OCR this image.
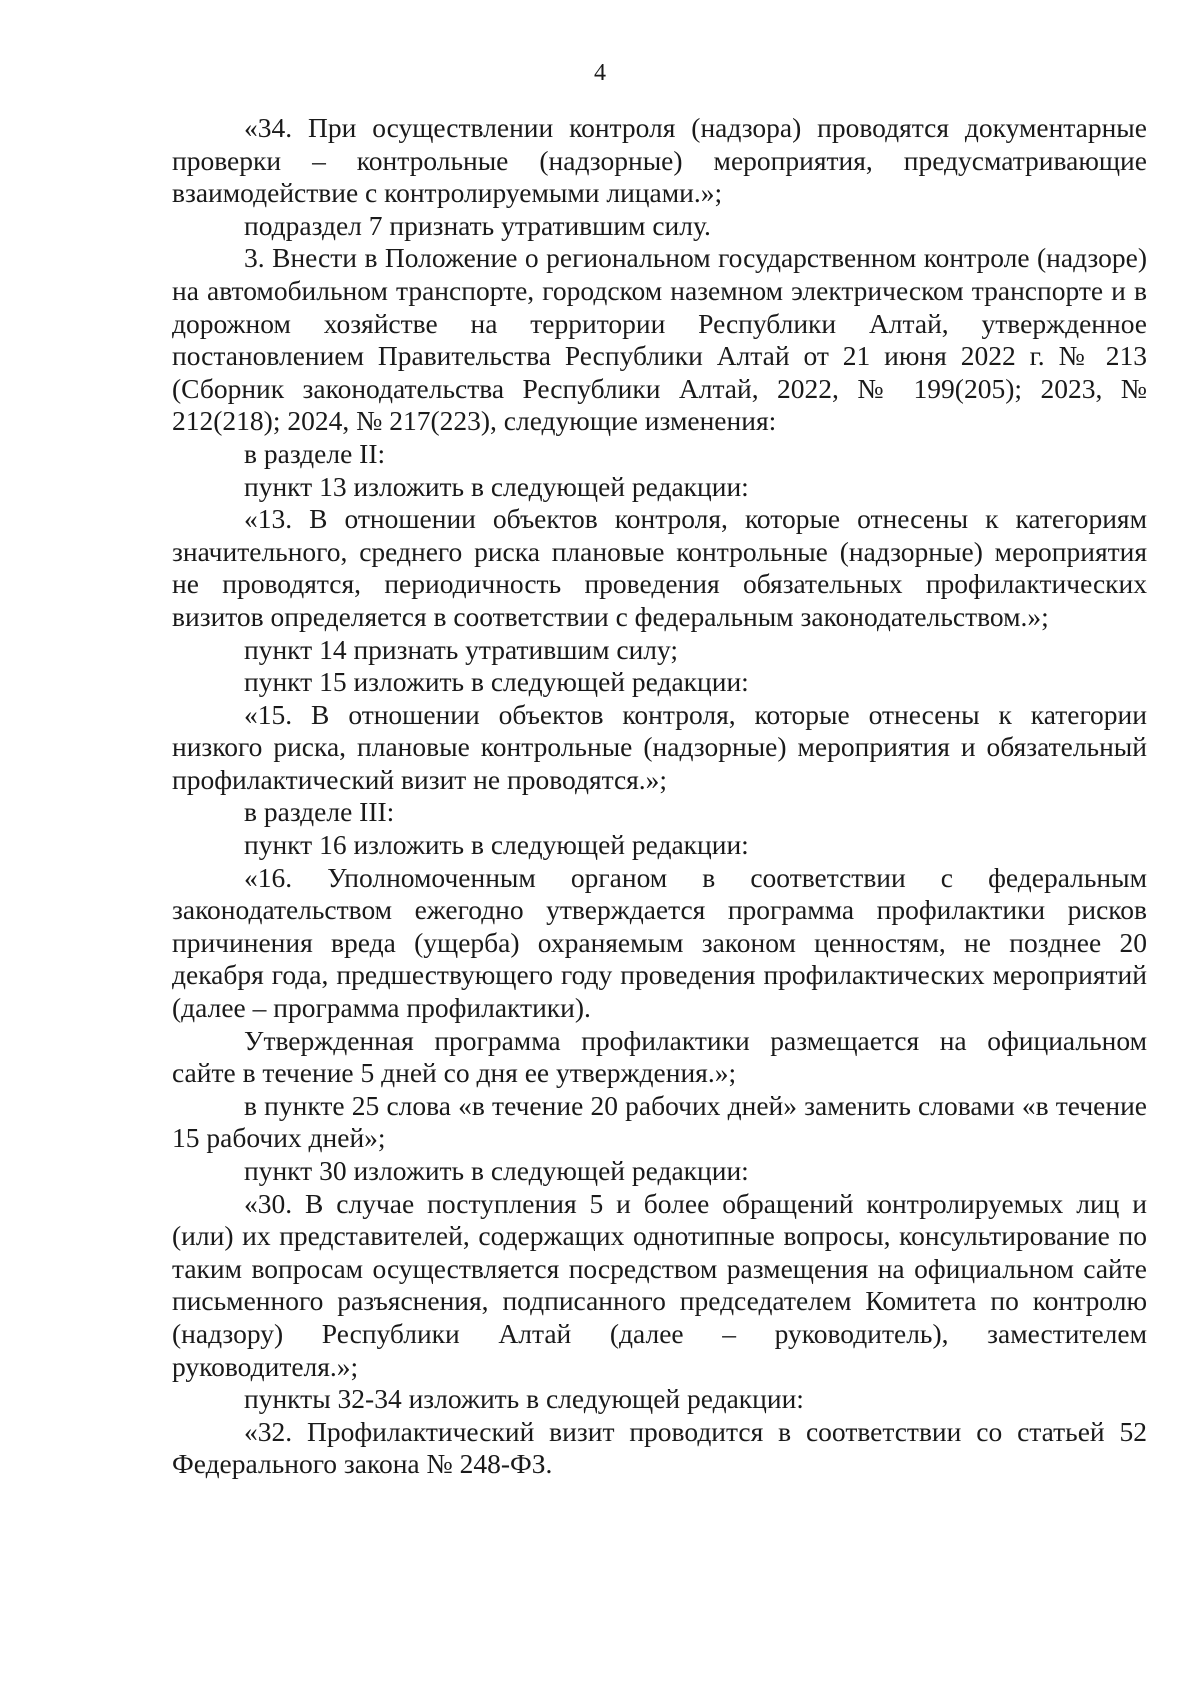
4

«34. При осуществлении контроля (надзора) проводятся документарные проверки – контрольные (надзорные) мероприятия, предусматривающие взаимодействие с контролируемыми лицами.»;

подраздел 7 признать утратившим силу.

3. Внести в Положение о региональном государственном контроле (надзоре) на автомобильном транспорте, городском наземном электрическом транспорте и в дорожном хозяйстве на территории Республики Алтай, утвержденное постановлением Правительства Республики Алтай от 21 июня 2022 г. № 213 (Сборник законодательства Республики Алтай, 2022, № 199(205); 2023, № 212(218); 2024, № 217(223), следующие изменения:

в разделе II:

пункт 13 изложить в следующей редакции:

«13. В отношении объектов контроля, которые отнесены к категориям значительного, среднего риска плановые контрольные (надзорные) мероприятия не проводятся, периодичность проведения обязательных профилактических визитов определяется в соответствии с федеральным законодательством.»;

пункт 14 признать утратившим силу;

пункт 15 изложить в следующей редакции:

«15. В отношении объектов контроля, которые отнесены к категории низкого риска, плановые контрольные (надзорные) мероприятия и обязательный профилактический визит не проводятся.»;

в разделе III:

пункт 16 изложить в следующей редакции:

«16. Уполномоченным органом в соответствии с федеральным законодательством ежегодно утверждается программа профилактики рисков причинения вреда (ущерба) охраняемым законом ценностям, не позднее 20 декабря года, предшествующего году проведения профилактических мероприятий (далее – программа профилактики).

Утвержденная программа профилактики размещается на официальном сайте в течение 5 дней со дня ее утверждения.»;

в пункте 25 слова «в течение 20 рабочих дней» заменить словами «в течение 15 рабочих дней»;

пункт 30 изложить в следующей редакции:

«30. В случае поступления 5 и более обращений контролируемых лиц и (или) их представителей, содержащих однотипные вопросы, консультирование по таким вопросам осуществляется посредством размещения на официальном сайте письменного разъяснения, подписанного председателем Комитета по контролю (надзору) Республики Алтай (далее – руководитель), заместителем руководителя.»;

пункты 32-34 изложить в следующей редакции:

«32. Профилактический визит проводится в соответствии со статьей 52 Федерального закона № 248-ФЗ.
